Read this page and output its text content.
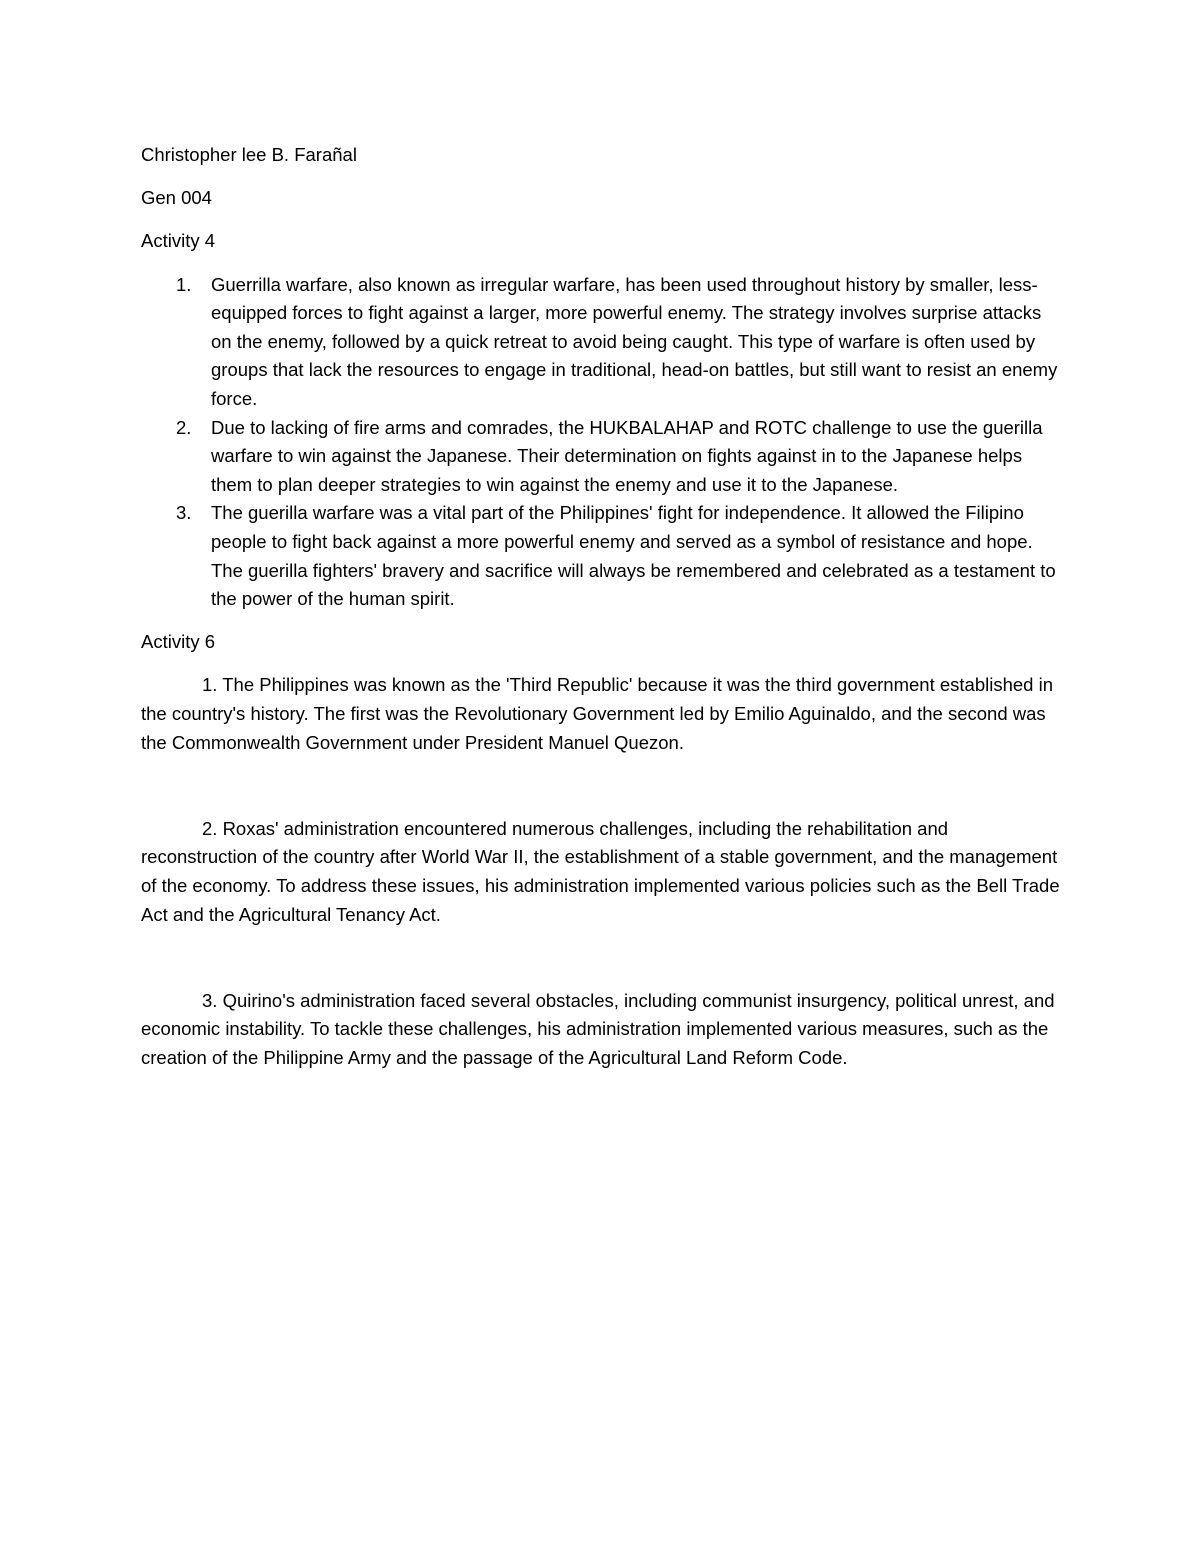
Christopher lee B. Farañal

Gen 004

Activity 4

1. Guerrilla warfare, also known as irregular warfare, has been used throughout history by smaller, less-equipped forces to fight against a larger, more powerful enemy. The strategy involves surprise attacks on the enemy, followed by a quick retreat to avoid being caught. This type of warfare is often used by groups that lack the resources to engage in traditional, head-on battles, but still want to resist an enemy force.
2. Due to lacking of fire arms and comrades, the HUKBALAHAP and ROTC challenge to use the guerilla warfare to win against the Japanese. Their determination on fights against in to the Japanese helps them to plan deeper strategies to win against the enemy and use it to the Japanese.
3. The guerilla warfare was a vital part of the Philippines' fight for independence. It allowed the Filipino people to fight back against a more powerful enemy and served as a symbol of resistance and hope. The guerilla fighters' bravery and sacrifice will always be remembered and celebrated as a testament to the power of the human spirit.

Activity 6

1. The Philippines was known as the 'Third Republic' because it was the third government established in the country's history. The first was the Revolutionary Government led by Emilio Aguinaldo, and the second was the Commonwealth Government under President Manuel Quezon.

2. Roxas' administration encountered numerous challenges, including the rehabilitation and reconstruction of the country after World War II, the establishment of a stable government, and the management of the economy. To address these issues, his administration implemented various policies such as the Bell Trade Act and the Agricultural Tenancy Act.

3. Quirino's administration faced several obstacles, including communist insurgency, political unrest, and economic instability. To tackle these challenges, his administration implemented various measures, such as the creation of the Philippine Army and the passage of the Agricultural Land Reform Code.
